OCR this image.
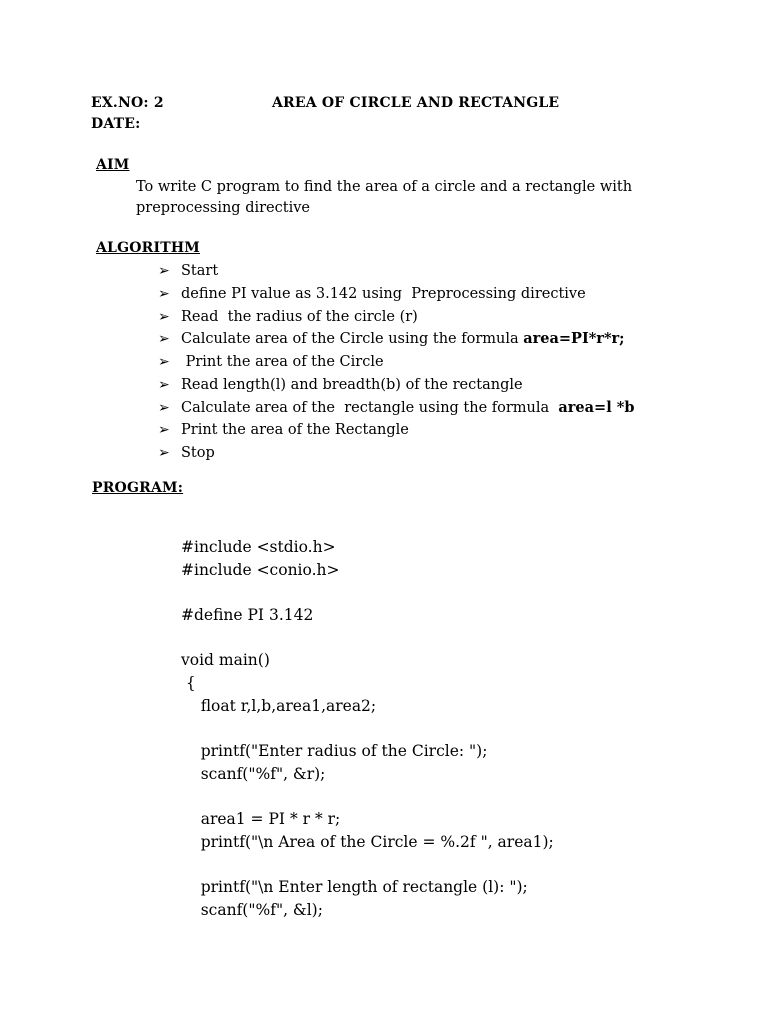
EX.NO: 2	AREA OF CIRCLE AND RECTANGLE
DATE:
AIM
To write C program to find the area of a circle and a rectangle with preprocessing directive
ALGORITHM
➢ Start
➢ define PI value as 3.142 using  Preprocessing directive
➢ Read  the radius of the circle (r)
➢ Calculate area of the Circle using the formula area=PI*r*r;
➢ Print the area of the Circle
➢ Read length(l) and breadth(b) of the rectangle
➢ Calculate area of the  rectangle using the formula  area=l *b
➢ Print the area of the Rectangle
➢ Stop
PROGRAM:
#include <stdio.h>
#include <conio.h>
#define PI 3.142
void main()
{
float r,l,b,area1,area2;
printf("Enter radius of the Circle: ");
scanf("%f", &r);
area1 = PI * r * r;
printf("\n Area of the Circle = %.2f ", area1);
printf("\n Enter length of rectangle (l): ");
scanf("%f", &l);
